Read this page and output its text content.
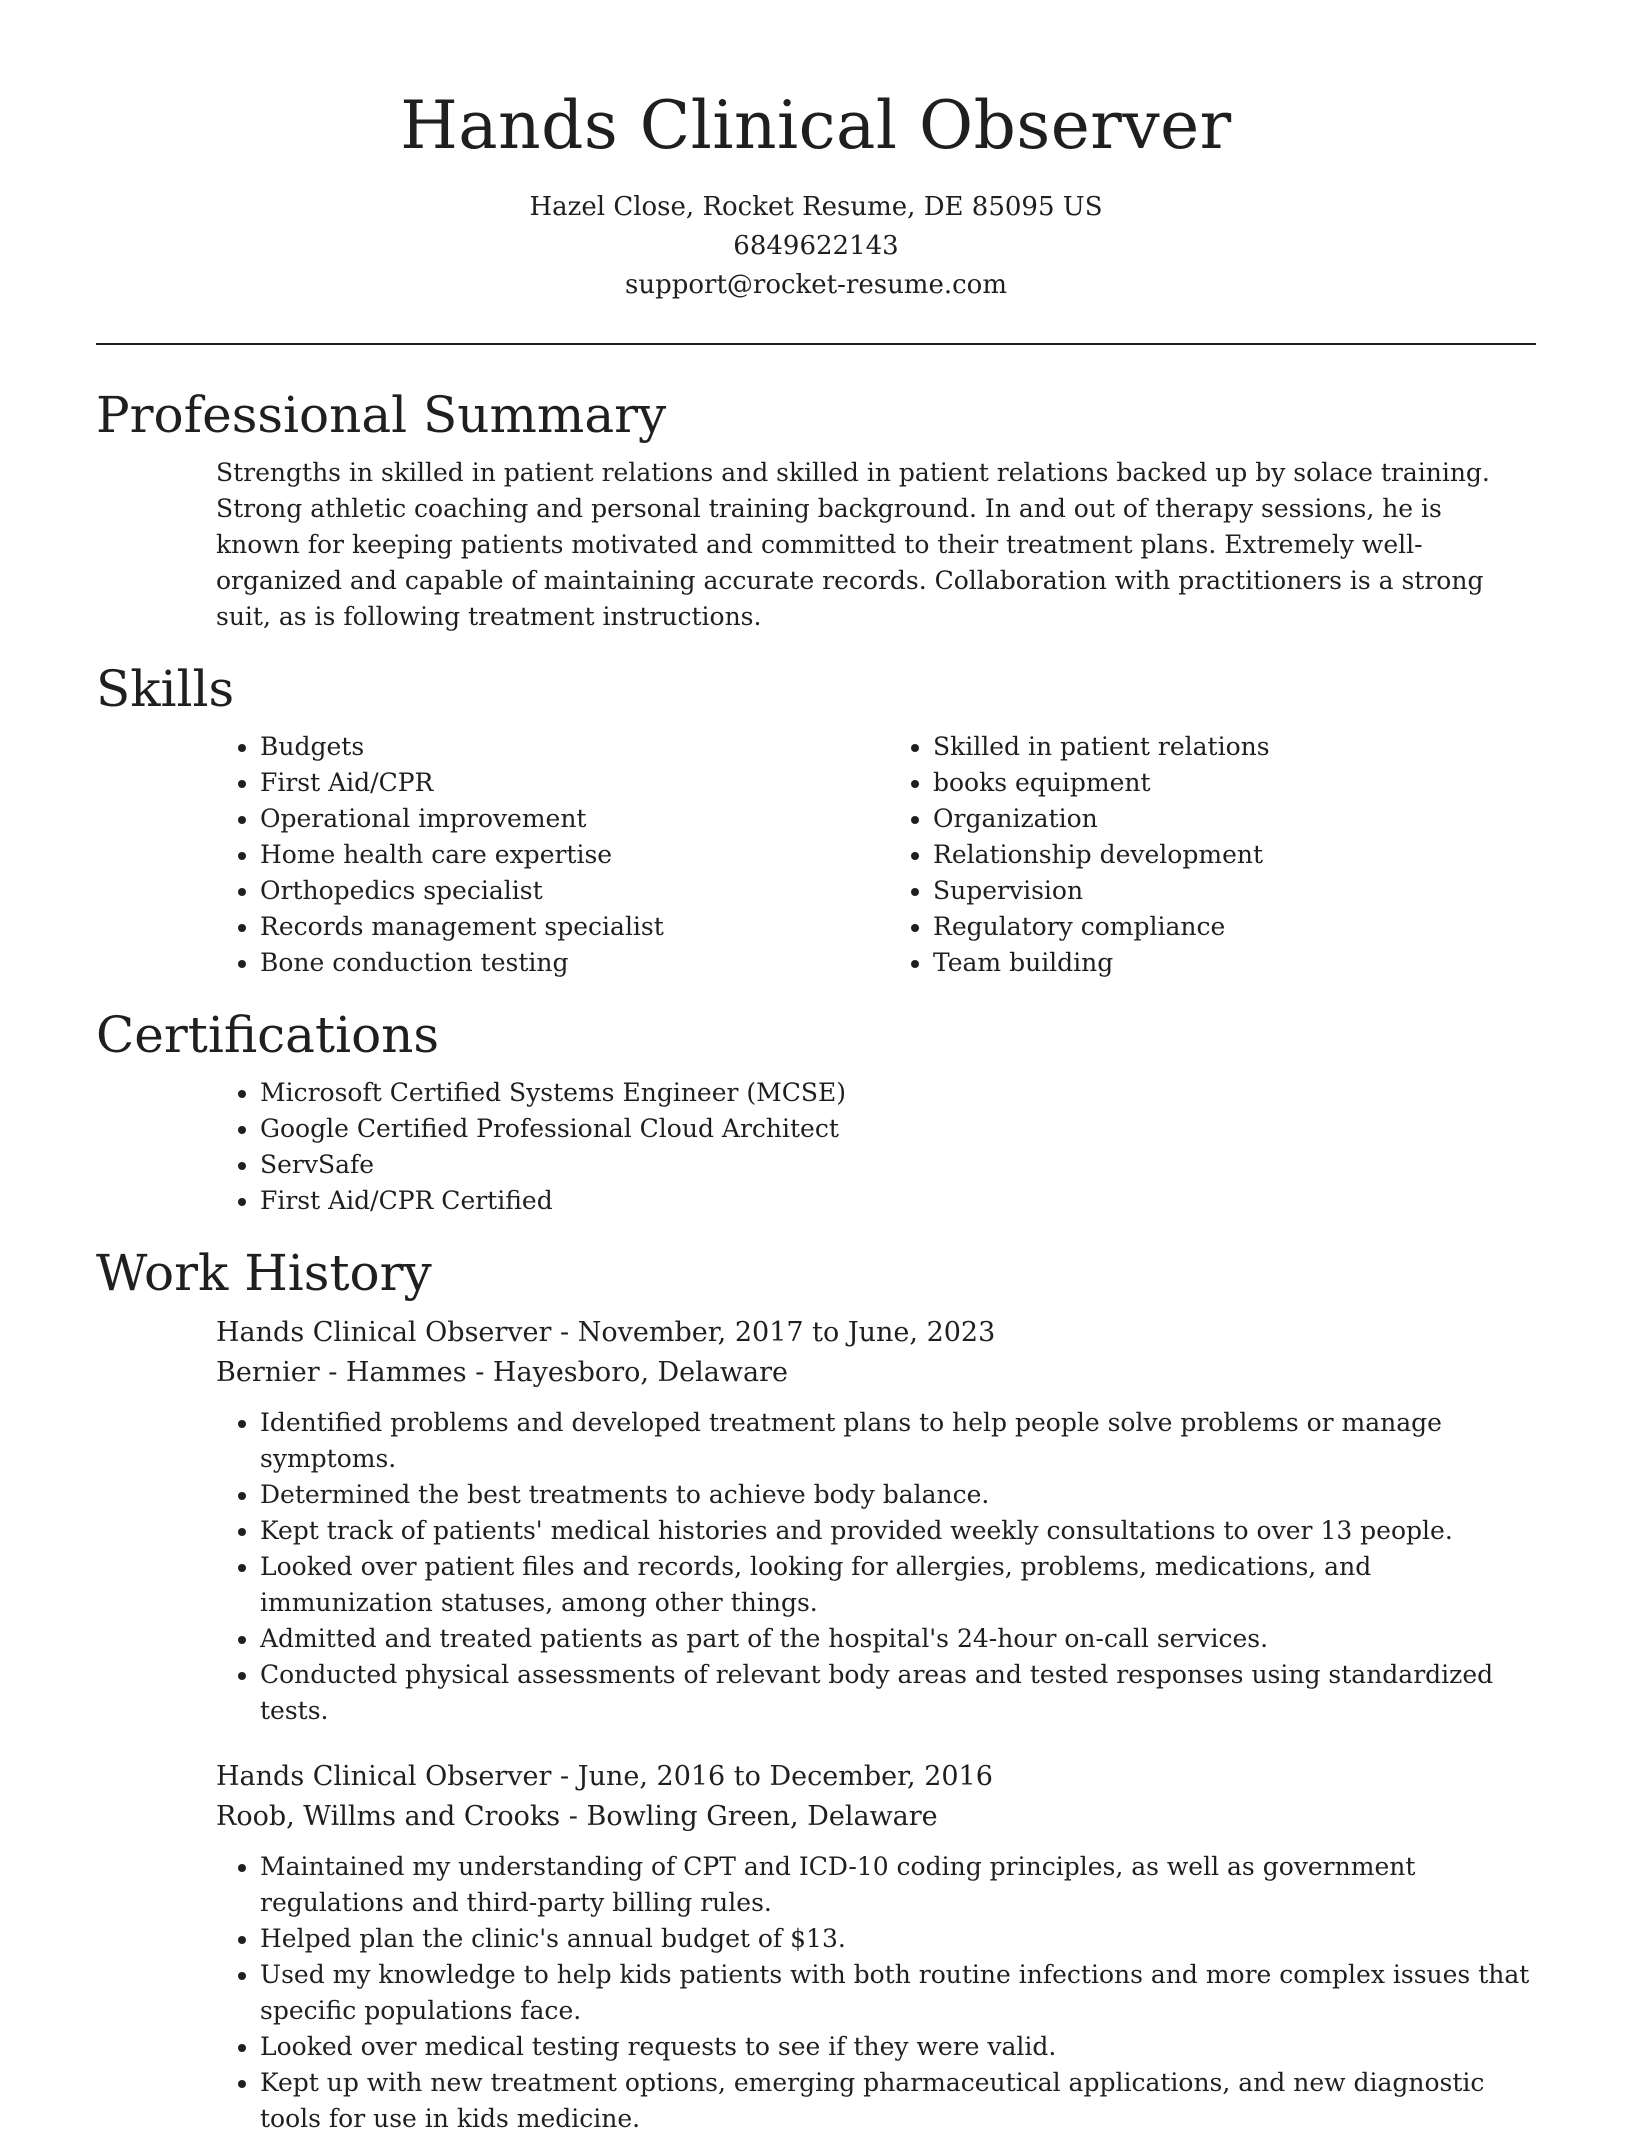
Hands Clinical Observer

Hazel Close, Rocket Resume, DE 85095 US

6849622143

support@rocket-resume.com

Professional Summary

Strengths in skilled in patient relations and skilled in patient relations backed up by solace training. Strong athletic coaching and personal training background. In and out of therapy sessions, he is known for keeping patients motivated and committed to their treatment plans. Extremely well-organized and capable of maintaining accurate records. Collaboration with practitioners is a strong suit, as is following treatment instructions.

Skills
• Budgets
• First Aid/CPR
• Operational improvement
• Home health care expertise
• Orthopedics specialist
• Records management specialist
• Bone conduction testing
• Skilled in patient relations
• books equipment
• Organization
• Relationship development
• Supervision
• Regulatory compliance
• Team building
Certifications
• Microsoft Certified Systems Engineer (MCSE)
• Google Certified Professional Cloud Architect
• ServSafe
• First Aid/CPR Certified
Work History
Hands Clinical Observer - November, 2017 to June, 2023
Bernier - Hammes - Hayesboro, Delaware
• Identified problems and developed treatment plans to help people solve problems or manage symptoms.
• Determined the best treatments to achieve body balance.
• Kept track of patients' medical histories and provided weekly consultations to over 13 people.
• Looked over patient files and records, looking for allergies, problems, medications, and immunization statuses, among other things.
• Admitted and treated patients as part of the hospital's 24-hour on-call services.
• Conducted physical assessments of relevant body areas and tested responses using standardized tests.
Hands Clinical Observer - June, 2016 to December, 2016
Roob, Willms and Crooks - Bowling Green, Delaware
• Maintained my understanding of CPT and ICD-10 coding principles, as well as government regulations and third-party billing rules.
• Helped plan the clinic's annual budget of $13.
• Used my knowledge to help kids patients with both routine infections and more complex issues that specific populations face.
• Looked over medical testing requests to see if they were valid.
• Kept up with new treatment options, emerging pharmaceutical applications, and new diagnostic tools for use in kids medicine.
